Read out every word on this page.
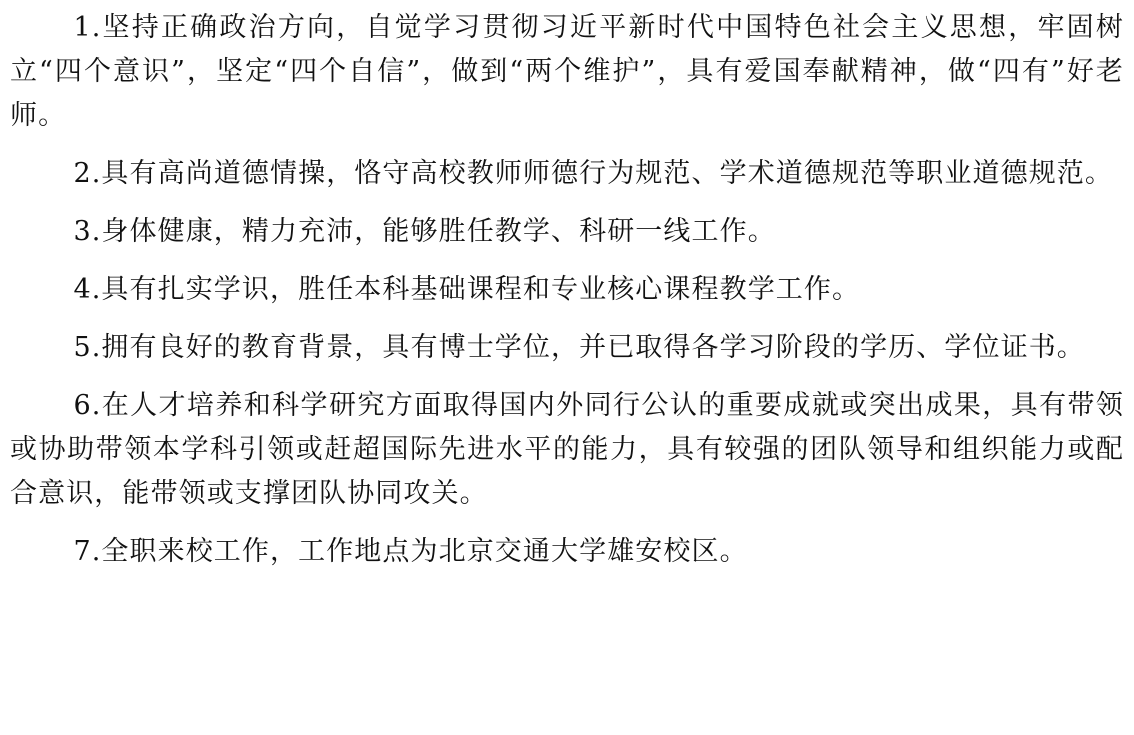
1.坚持正确政治方向，自觉学习贯彻习近平新时代中国特色社会主义思想，牢固树立“四个意识”，坚定“四个自信”，做到“两个维护”，具有爱国奉献精神，做“四有”好老师。

2.具有高尚道德情操，恪守高校教师师德行为规范、学术道德规范等职业道德规范。

3.身体健康，精力充沛，能够胜任教学、科研一线工作。

4.具有扎实学识，胜任本科基础课程和专业核心课程教学工作。

5.拥有良好的教育背景，具有博士学位，并已取得各学习阶段的学历、学位证书。

6.在人才培养和科学研究方面取得国内外同行公认的重要成就或突出成果，具有带领或协助带领本学科引领或赶超国际先进水平的能力，具有较强的团队领导和组织能力或配合意识，能带领或支撑团队协同攻关。

7.全职来校工作，工作地点为北京交通大学雄安校区。
